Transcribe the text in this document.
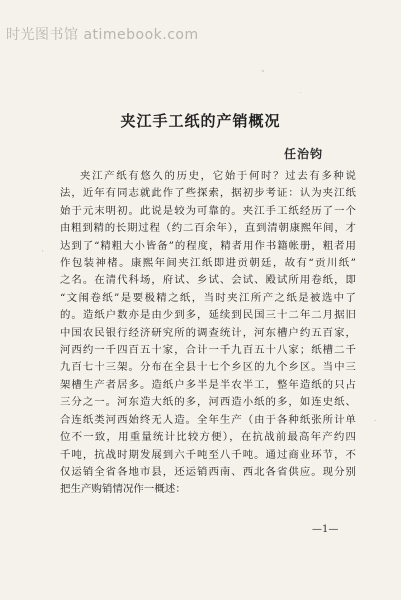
时光图书馆 atimebook.com
夹江手工纸的产销概况
任治钧
夹江产纸有悠久的历史，它始于何时？过去有多种说
法，近年有同志就此作了些探索，据初步考证：认为夹江纸
始于元末明初。此说是较为可靠的。夹江手工纸经历了一个
由粗到精的长期过程（约二百余年），直到清朝康熙年间，才
达到了“精粗大小皆备”的程度，精者用作书籍帐册，粗者用
作包装神楮。康熙年间夹江纸即进贡朝廷，故有“贡川纸”
之名。在清代科场，府试、乡试、会试、殿试所用卷纸，即
“文闱卷纸”是要极精之纸，当时夹江所产之纸是被选中了
的。造纸户数亦是由少到多，延续到民国三十二年二月据旧
中国农民银行经济研究所的调查统计，河东槽户约五百家，
河西约一千四百五十家，合计一千九百五十八家；纸槽二千
九百七十三架。分布在全县十七个乡区的九个乡区。当中三
架槽生产者居多。造纸户多半是半农半工，整年造纸的只占
三分之一。河东造大纸的多，河西造小纸的多，如连史纸、
合连纸类河西始终无人造。全年生产（由于各种纸张所计单
位不一致，用重量统计比较方便），在抗战前最高年产约四
千吨，抗战时期发展到六千吨至八千吨。通过商业环节，不
仅运销全省各地市县，还运销西南、西北各省供应。现分别
把生产购销情况作一概述：
—1—
